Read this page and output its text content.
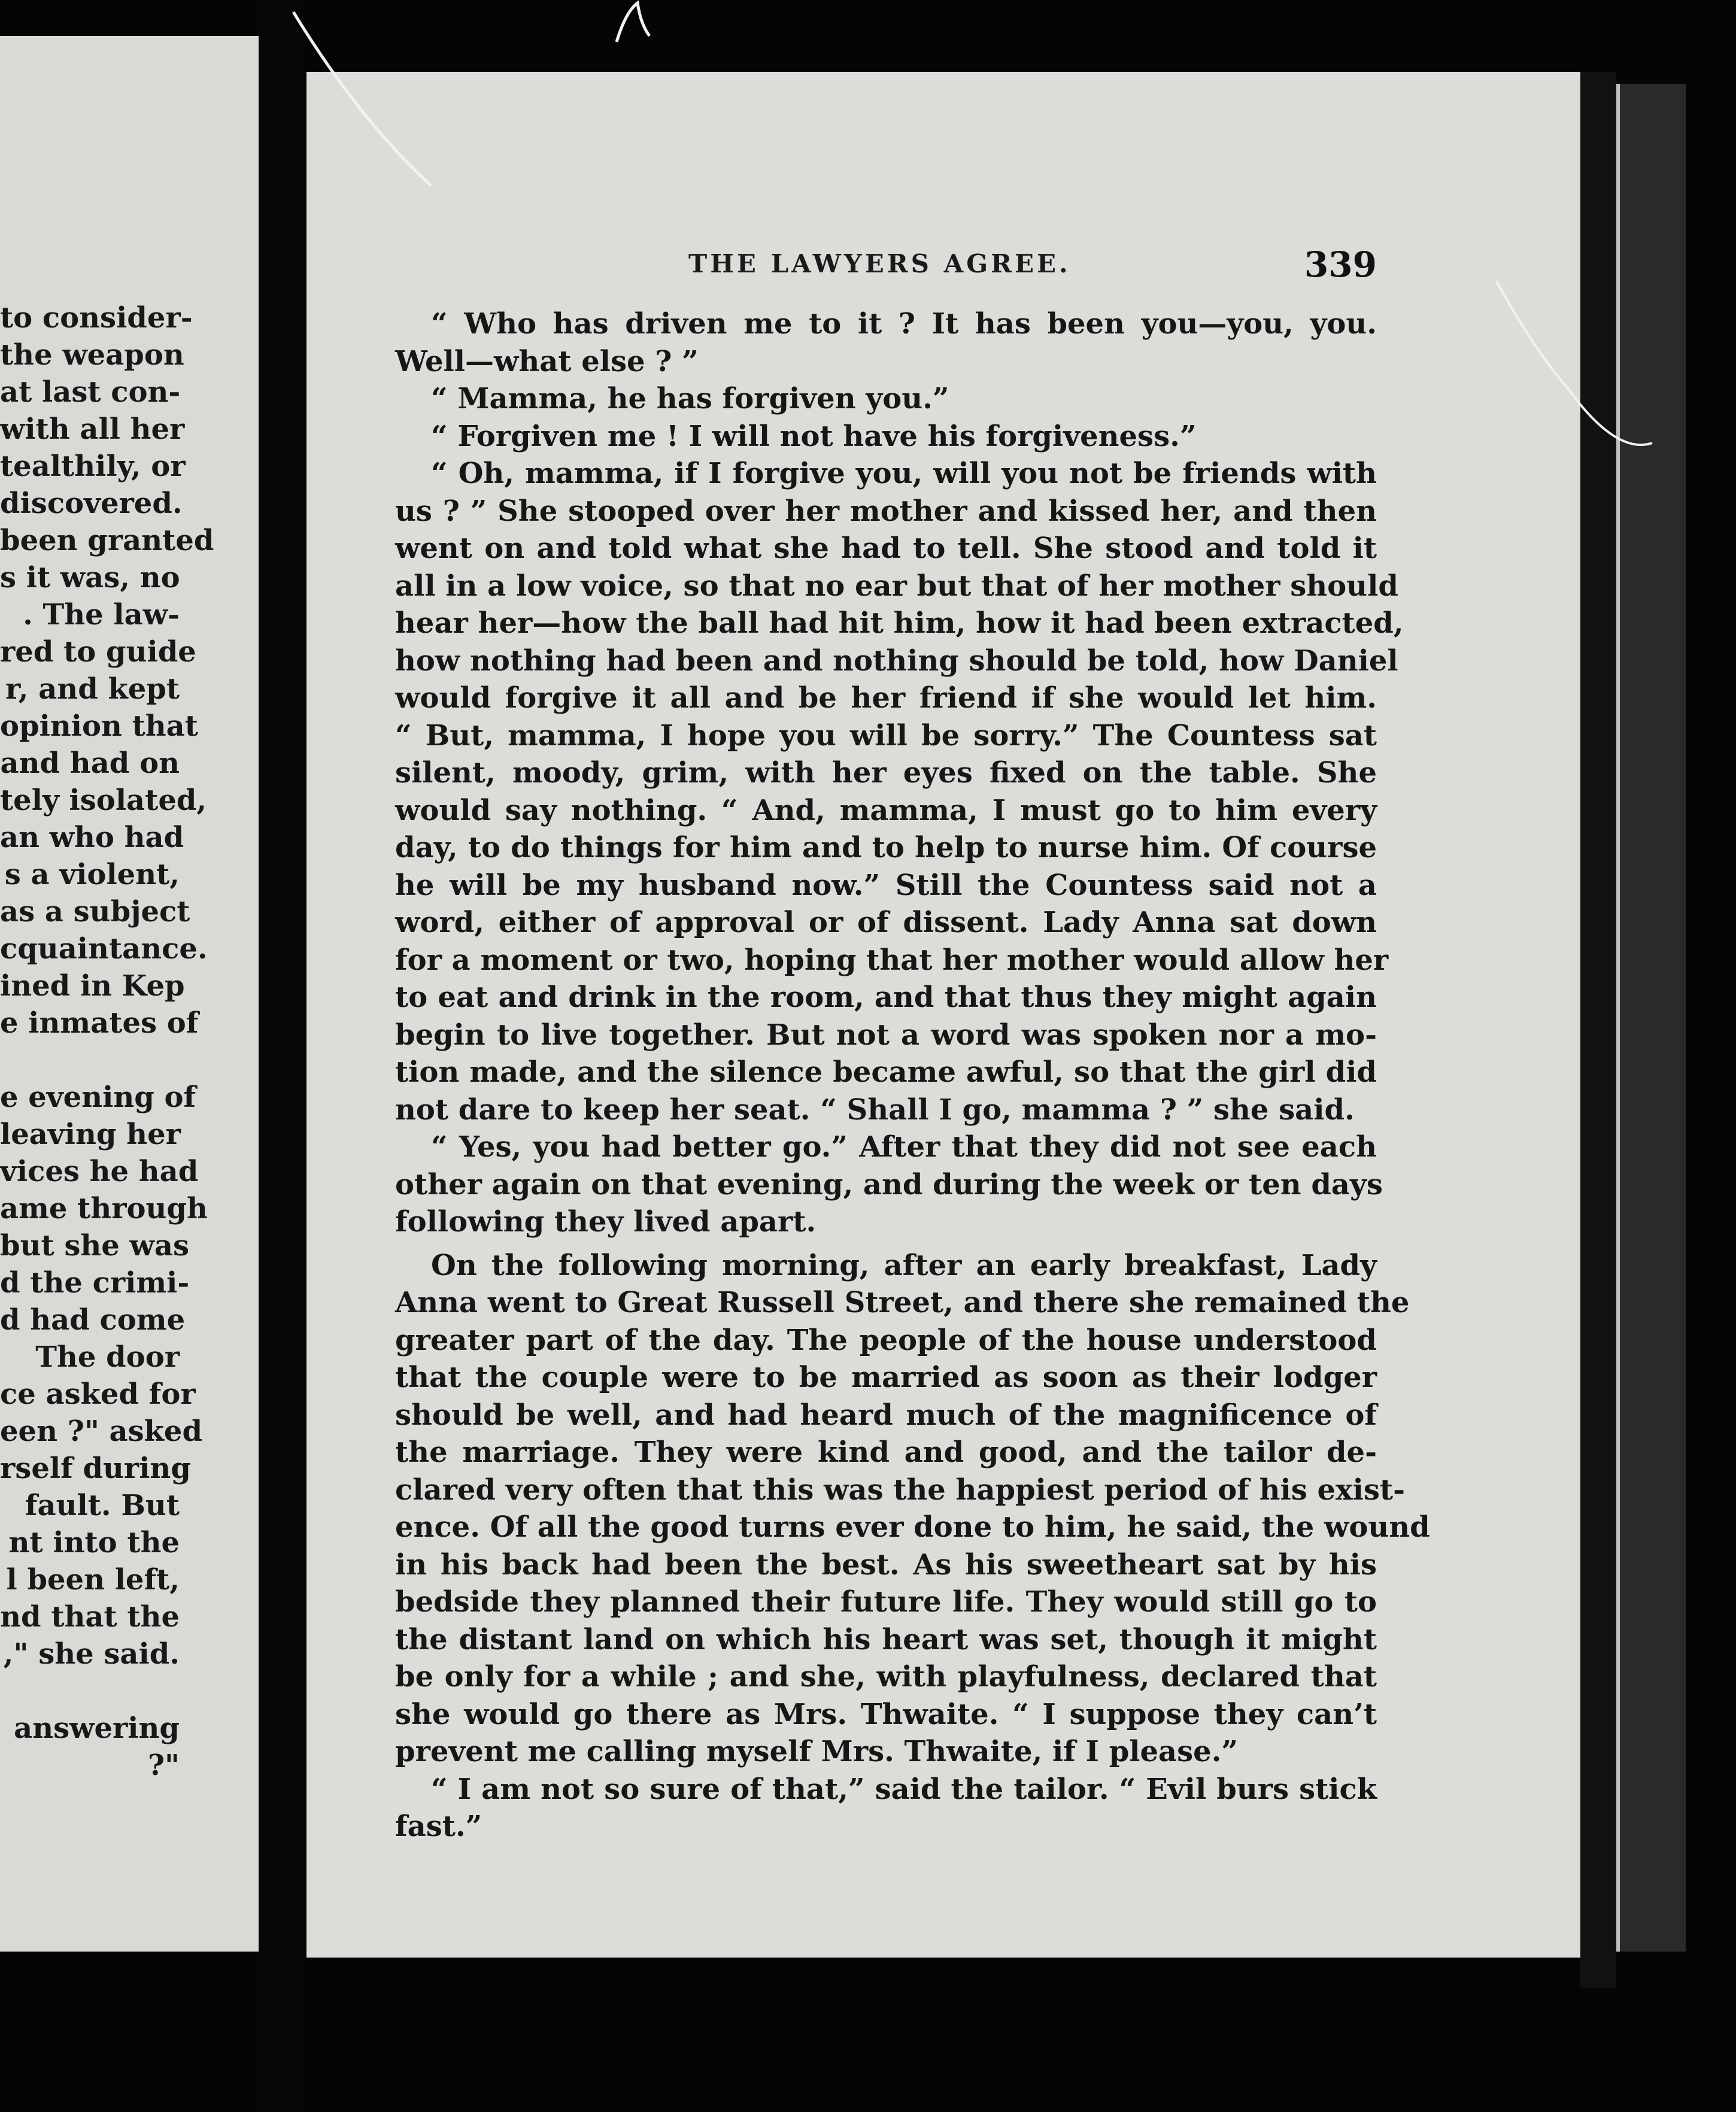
to consider-
the weapon
at last con-
with all her
tealthily, or
discovered.
been granted
s it was, no
. The law-
red to guide
r, and kept
opinion that
and had on
tely isolated,
an who had
s a violent,
as a subject
cquaintance.
ined in Kep
e inmates of
e evening of
leaving her
vices he had
ame through
but she was
d the crimi-
d had come
The door
ce asked for
een ?" asked
rself during
fault. But
nt into the
l been left,
nd that the
," she said.
answering
?"
THE LAWYERS AGREE.	339
“ Who has driven me to it ? It has been you—you, you.
Well—what else ? ”
“ Mamma, he has forgiven you.”
“ Forgiven me ! I will not have his forgiveness.”
“ Oh, mamma, if I forgive you, will you not be friends with
us ? ” She stooped over her mother and kissed her, and then
went on and told what she had to tell. She stood and told it
all in a low voice, so that no ear but that of her mother should
hear her—how the ball had hit him, how it had been extracted,
how nothing had been and nothing should be told, how Daniel
would forgive it all and be her friend if she would let him.
“ But, mamma, I hope you will be sorry.” The Countess sat
silent, moody, grim, with her eyes fixed on the table. She
would say nothing. “ And, mamma, I must go to him every
day, to do things for him and to help to nurse him. Of course
he will be my husband now.” Still the Countess said not a
word, either of approval or of dissent. Lady Anna sat down
for a moment or two, hoping that her mother would allow her
to eat and drink in the room, and that thus they might again
begin to live together. But not a word was spoken nor a mo-
tion made, and the silence became awful, so that the girl did
not dare to keep her seat. “ Shall I go, mamma ? ” she said.
“ Yes, you had better go.” After that they did not see each
other again on that evening, and during the week or ten days
following they lived apart.
On the following morning, after an early breakfast, Lady
Anna went to Great Russell Street, and there she remained the
greater part of the day. The people of the house understood
that the couple were to be married as soon as their lodger
should be well, and had heard much of the magnificence of
the marriage. They were kind and good, and the tailor de-
clared very often that this was the happiest period of his exist-
ence. Of all the good turns ever done to him, he said, the wound
in his back had been the best. As his sweetheart sat by his
bedside they planned their future life. They would still go to
the distant land on which his heart was set, though it might
be only for a while ; and she, with playfulness, declared that
she would go there as Mrs. Thwaite. “ I suppose they can’t
prevent me calling myself Mrs. Thwaite, if I please.”
“ I am not so sure of that,” said the tailor. “ Evil burs stick
fast.”
